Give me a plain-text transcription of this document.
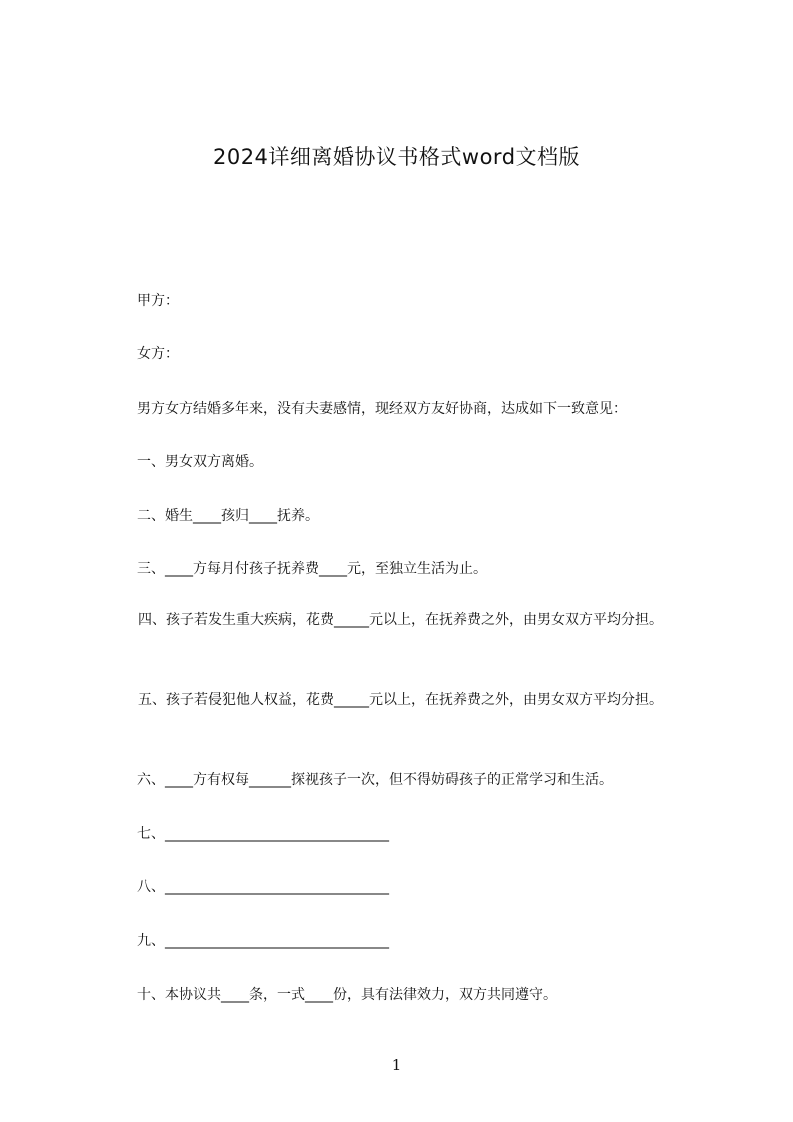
2024详细离婚协议书格式word文档版
甲方：
女方：
男方女方结婚多年来，没有夫妻感情，现经双方友好协商，达成如下一致意见：
一、男女双方离婚。
二、婚生____孩归____抚养。
三、____方每月付孩子抚养费____元，至独立生活为止。
四、孩子若发生重大疾病，花费_____元以上，在抚养费之外，由男女双方平均分担。
五、孩子若侵犯他人权益，花费_____元以上，在抚养费之外，由男女双方平均分担。
六、____方有权每______探视孩子一次，但不得妨碍孩子的正常学习和生活。
七、________________________________
八、________________________________
九、________________________________
十、本协议共____条，一式____份，具有法律效力，双方共同遵守。
1
